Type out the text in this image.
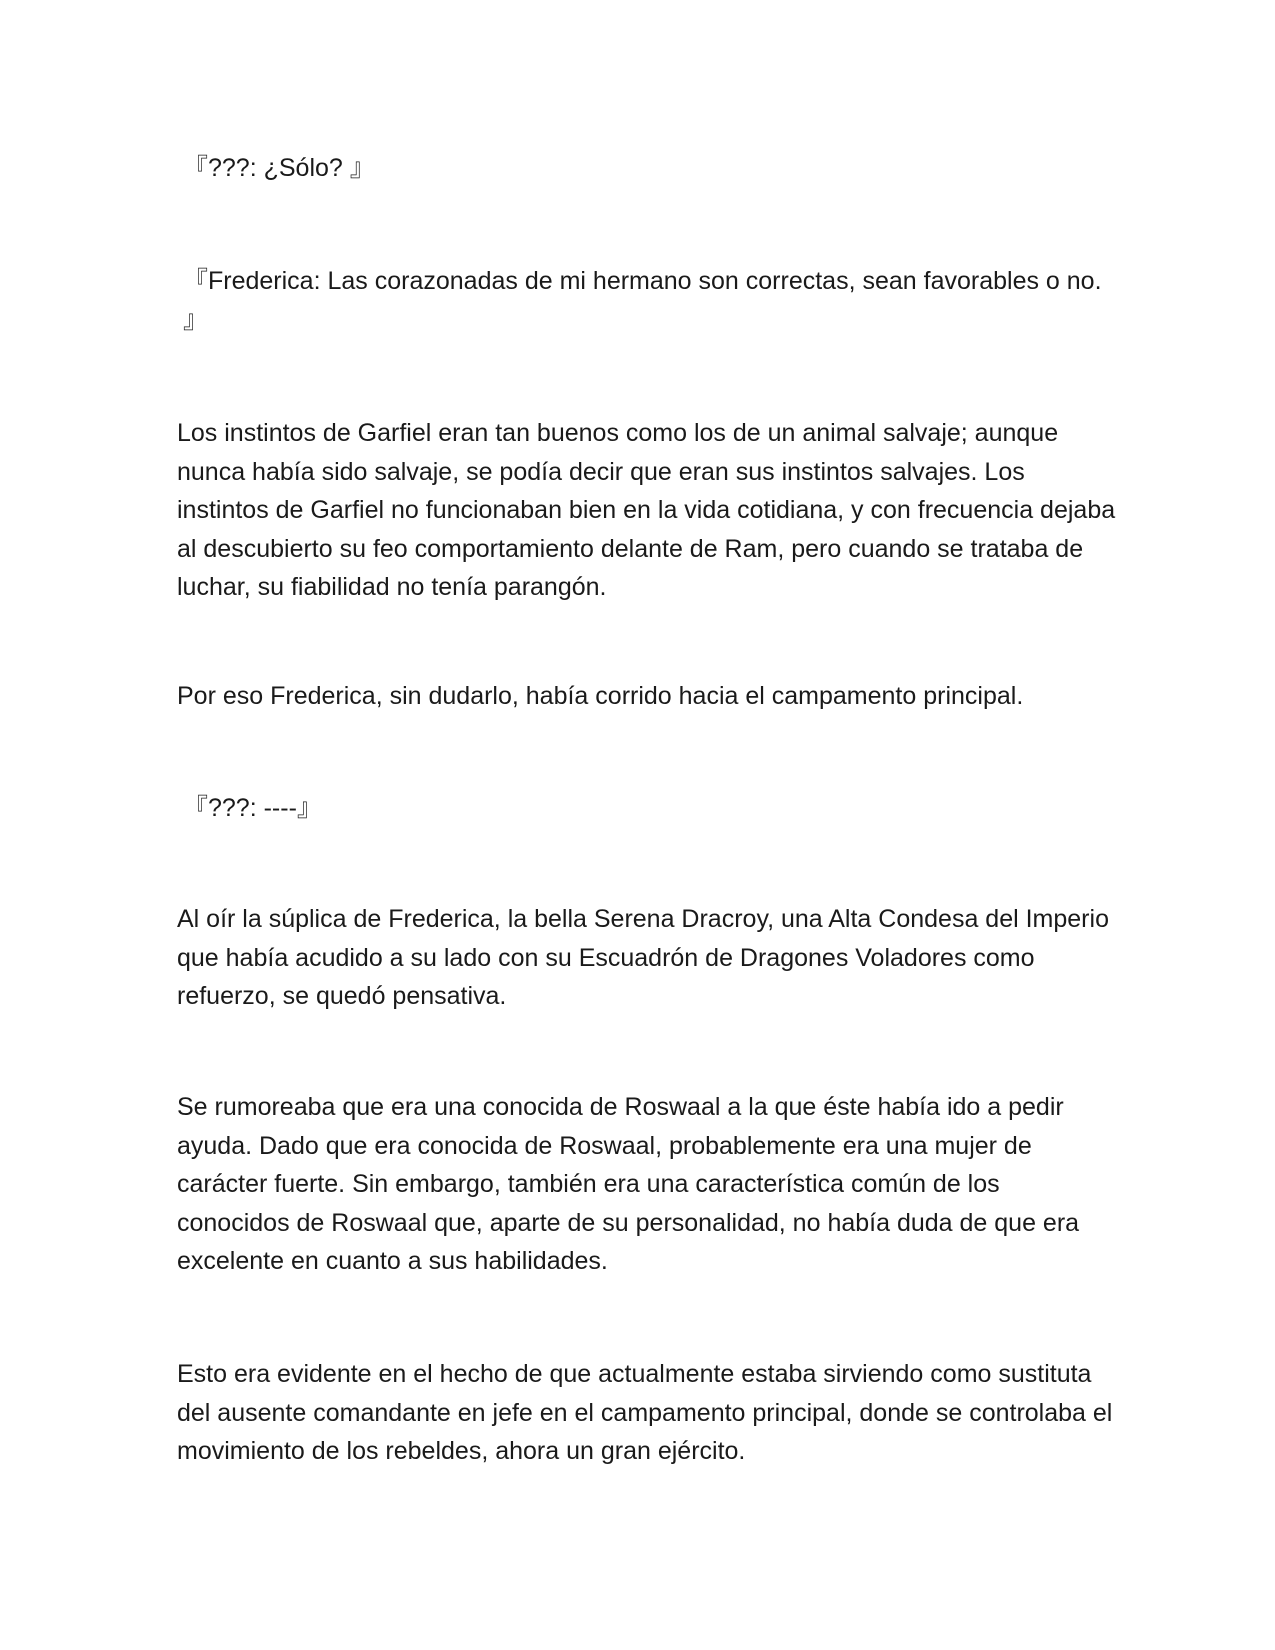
『???: ¿Sólo? 』

『Frederica: Las corazonadas de mi hermano son correctas, sean favorables o no. 』

Los instintos de Garfiel eran tan buenos como los de un animal salvaje; aunque nunca había sido salvaje, se podía decir que eran sus instintos salvajes. Los instintos de Garfiel no funcionaban bien en la vida cotidiana, y con frecuencia dejaba al descubierto su feo comportamiento delante de Ram, pero cuando se trataba de luchar, su fiabilidad no tenía parangón.

Por eso Frederica, sin dudarlo, había corrido hacia el campamento principal.

『???: ----』

Al oír la súplica de Frederica, la bella Serena Dracroy, una Alta Condesa del Imperio que había acudido a su lado con su Escuadrón de Dragones Voladores como refuerzo, se quedó pensativa.

Se rumoreaba que era una conocida de Roswaal a la que éste había ido a pedir ayuda. Dado que era conocida de Roswaal, probablemente era una mujer de carácter fuerte. Sin embargo, también era una característica común de los conocidos de Roswaal que, aparte de su personalidad, no había duda de que era excelente en cuanto a sus habilidades.

Esto era evidente en el hecho de que actualmente estaba sirviendo como sustituta del ausente comandante en jefe en el campamento principal, donde se controlaba el movimiento de los rebeldes, ahora un gran ejército.
